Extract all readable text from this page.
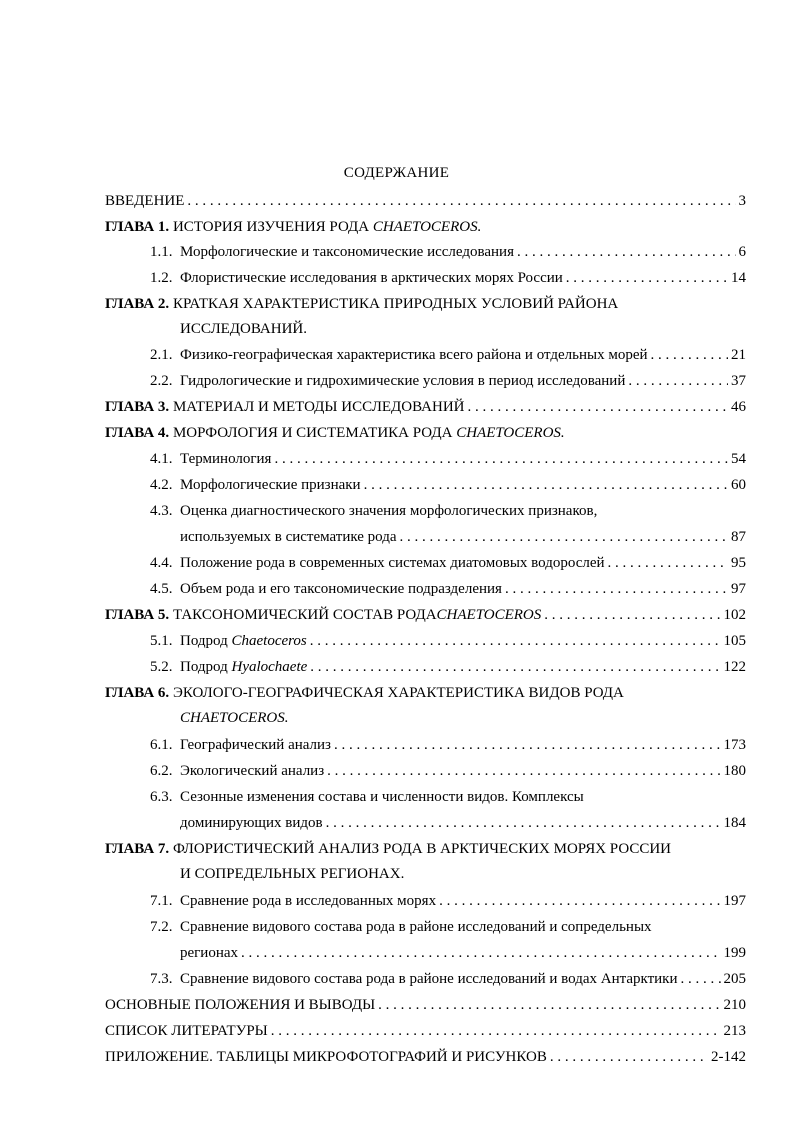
СОДЕРЖАНИЕ
ВВЕДЕНИЕ . . .	3
ГЛАВА 1. ИСТОРИЯ ИЗУЧЕНИЯ РОДА CHAETOCEROS.
1.1. Морфологические и таксономические исследования . . .	6
1.2. Флористические исследования в арктических морях России . . .	14
ГЛАВА 2. КРАТКАЯ ХАРАКТЕРИСТИКА ПРИРОДНЫХ УСЛОВИЙ РАЙОНА
ИССЛЕДОВАНИЙ.
2.1. Физико-географическая характеристика всего района и отдельных морей . . .	21
2.2. Гидрологические и гидрохимические условия в период исследований . . .	37
ГЛАВА 3.
МАТЕРИАЛ И МЕТОДЫ ИССЛЕДОВАНИЙ . . .	46
ГЛАВА 4. МОРФОЛОГИЯ И СИСТЕМАТИКА РОДА CHAETOCEROS.
4.1. Терминология . . .	54
4.2. Морфологические признаки . . .	60
4.3. Оценка диагностического значения морфологических признаков,
используемых в систематике рода . . .	87
4.4. Положение рода в современных системах диатомовых водорослей . . .	95
4.5. Объем рода и его таксономические подразделения . . .	97
ГЛАВА 5.
ТАКСОНОМИЧЕСКИЙ СОСТАВ РОДА CHAETOCEROS . . .	102
5.1. Подрод
Chaetoceros . . .	105
5.2. Подрод
Hyalochaete . . .	122
ГЛАВА 6. ЭКОЛОГО-ГЕОГРАФИЧЕСКАЯ ХАРАКТЕРИСТИКА ВИДОВ РОДА
CHAETOCEROS.
6.1. Географический анализ . . .	173
6.2. Экологический анализ . . .	180
6.3. Сезонные изменения состава и численности видов. Комплексы
доминирующих видов . . .	184
ГЛАВА 7. ФЛОРИСТИЧЕСКИЙ АНАЛИЗ РОДА В АРКТИЧЕСКИХ МОРЯХ РОССИИ
И СОПРЕДЕЛЬНЫХ РЕГИОНАХ.
7.1. Сравнение рода в исследованных морях . . .	197
7.2. Сравнение видового состава рода в районе исследований и сопредельных
регионах . . .	199
7.3. Сравнение видового состава рода в районе исследований и водах Антарктики . . .	205
ОСНОВНЫЕ ПОЛОЖЕНИЯ И ВЫВОДЫ . . .	210
СПИСОК ЛИТЕРАТУРЫ . . .	213
ПРИЛОЖЕНИЕ. ТАБЛИЦЫ МИКРОФОТОГРАФИЙ И РИСУНКОВ . . .	2-142
